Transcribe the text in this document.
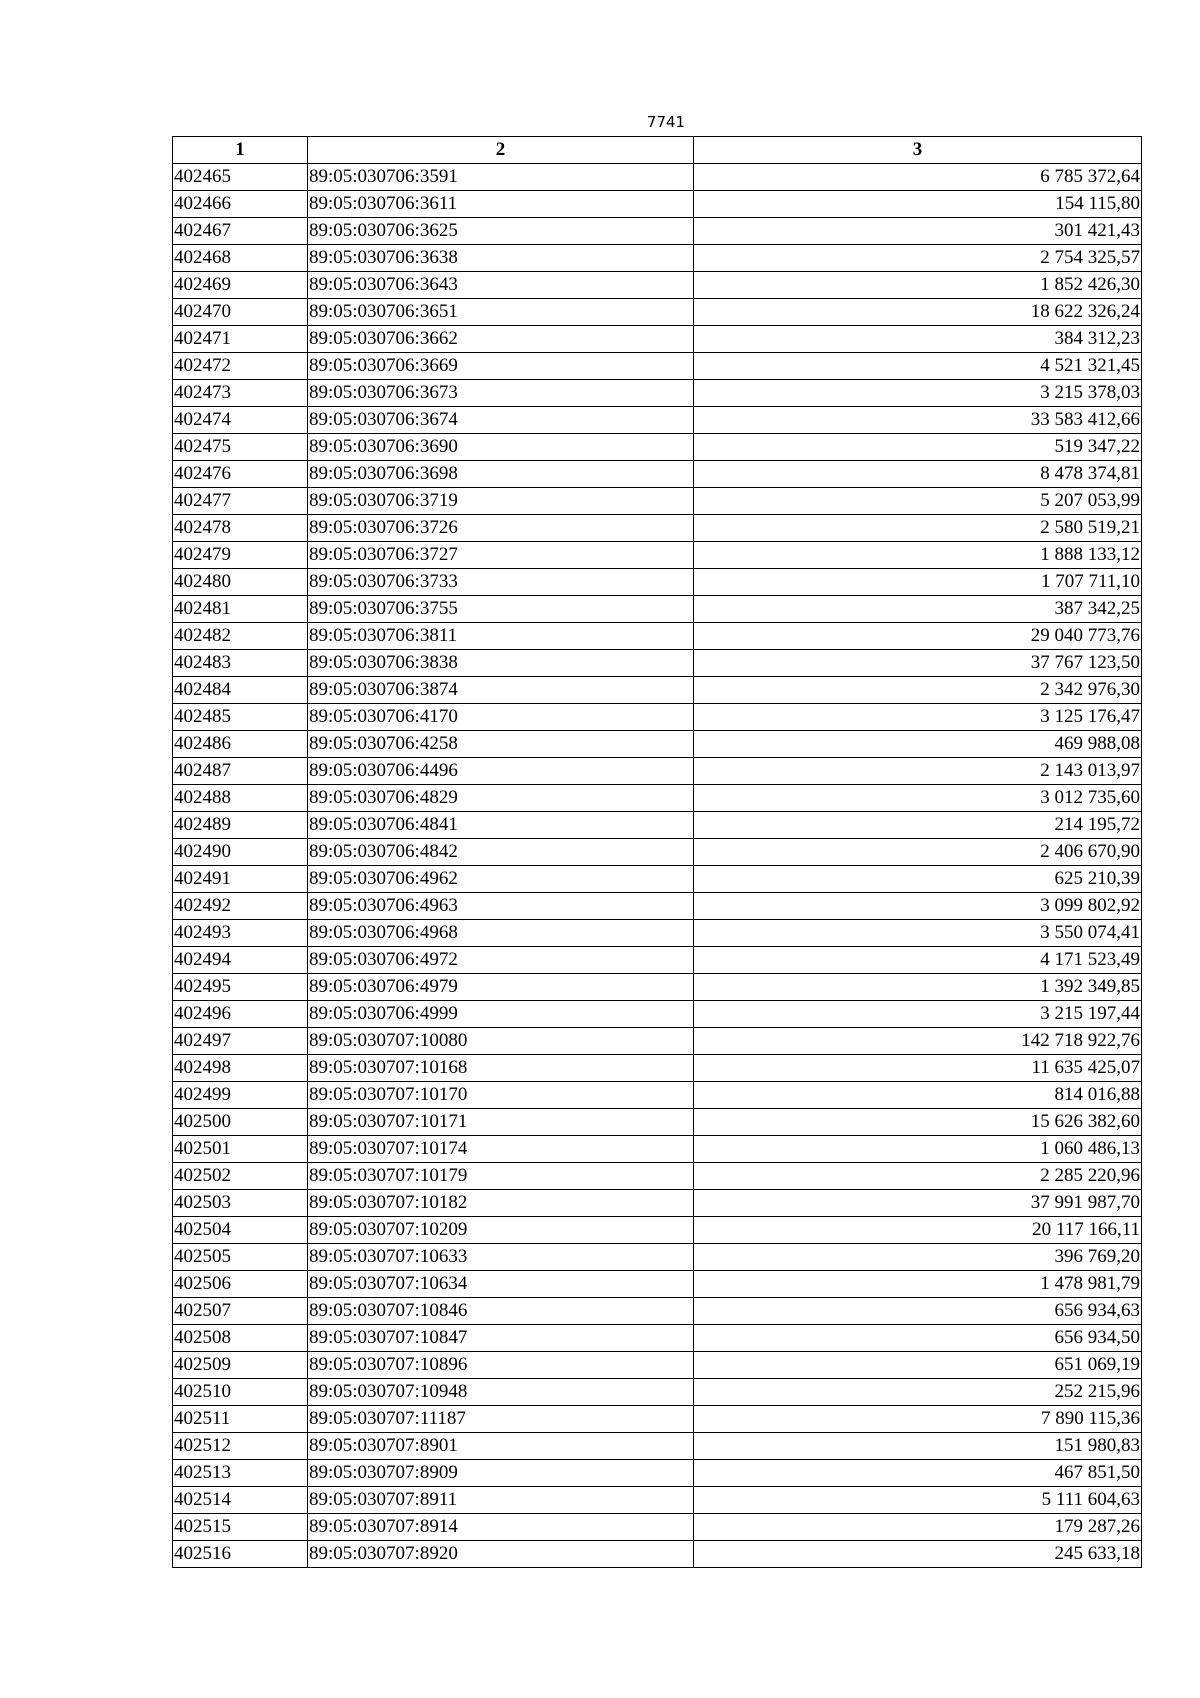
7741
1	2	3
402465	89:05:030706:3591	6 785 372,64
402466	89:05:030706:3611	154 115,80
402467	89:05:030706:3625	301 421,43
402468	89:05:030706:3638	2 754 325,57
402469	89:05:030706:3643	1 852 426,30
402470	89:05:030706:3651	18 622 326,24
402471	89:05:030706:3662	384 312,23
402472	89:05:030706:3669	4 521 321,45
402473	89:05:030706:3673	3 215 378,03
402474	89:05:030706:3674	33 583 412,66
402475	89:05:030706:3690	519 347,22
402476	89:05:030706:3698	8 478 374,81
402477	89:05:030706:3719	5 207 053,99
402478	89:05:030706:3726	2 580 519,21
402479	89:05:030706:3727	1 888 133,12
402480	89:05:030706:3733	1 707 711,10
402481	89:05:030706:3755	387 342,25
402482	89:05:030706:3811	29 040 773,76
402483	89:05:030706:3838	37 767 123,50
402484	89:05:030706:3874	2 342 976,30
402485	89:05:030706:4170	3 125 176,47
402486	89:05:030706:4258	469 988,08
402487	89:05:030706:4496	2 143 013,97
402488	89:05:030706:4829	3 012 735,60
402489	89:05:030706:4841	214 195,72
402490	89:05:030706:4842	2 406 670,90
402491	89:05:030706:4962	625 210,39
402492	89:05:030706:4963	3 099 802,92
402493	89:05:030706:4968	3 550 074,41
402494	89:05:030706:4972	4 171 523,49
402495	89:05:030706:4979	1 392 349,85
402496	89:05:030706:4999	3 215 197,44
402497	89:05:030707:10080	142 718 922,76
402498	89:05:030707:10168	11 635 425,07
402499	89:05:030707:10170	814 016,88
402500	89:05:030707:10171	15 626 382,60
402501	89:05:030707:10174	1 060 486,13
402502	89:05:030707:10179	2 285 220,96
402503	89:05:030707:10182	37 991 987,70
402504	89:05:030707:10209	20 117 166,11
402505	89:05:030707:10633	396 769,20
402506	89:05:030707:10634	1 478 981,79
402507	89:05:030707:10846	656 934,63
402508	89:05:030707:10847	656 934,50
402509	89:05:030707:10896	651 069,19
402510	89:05:030707:10948	252 215,96
402511	89:05:030707:11187	7 890 115,36
402512	89:05:030707:8901	151 980,83
402513	89:05:030707:8909	467 851,50
402514	89:05:030707:8911	5 111 604,63
402515	89:05:030707:8914	179 287,26
402516	89:05:030707:8920	245 633,18
